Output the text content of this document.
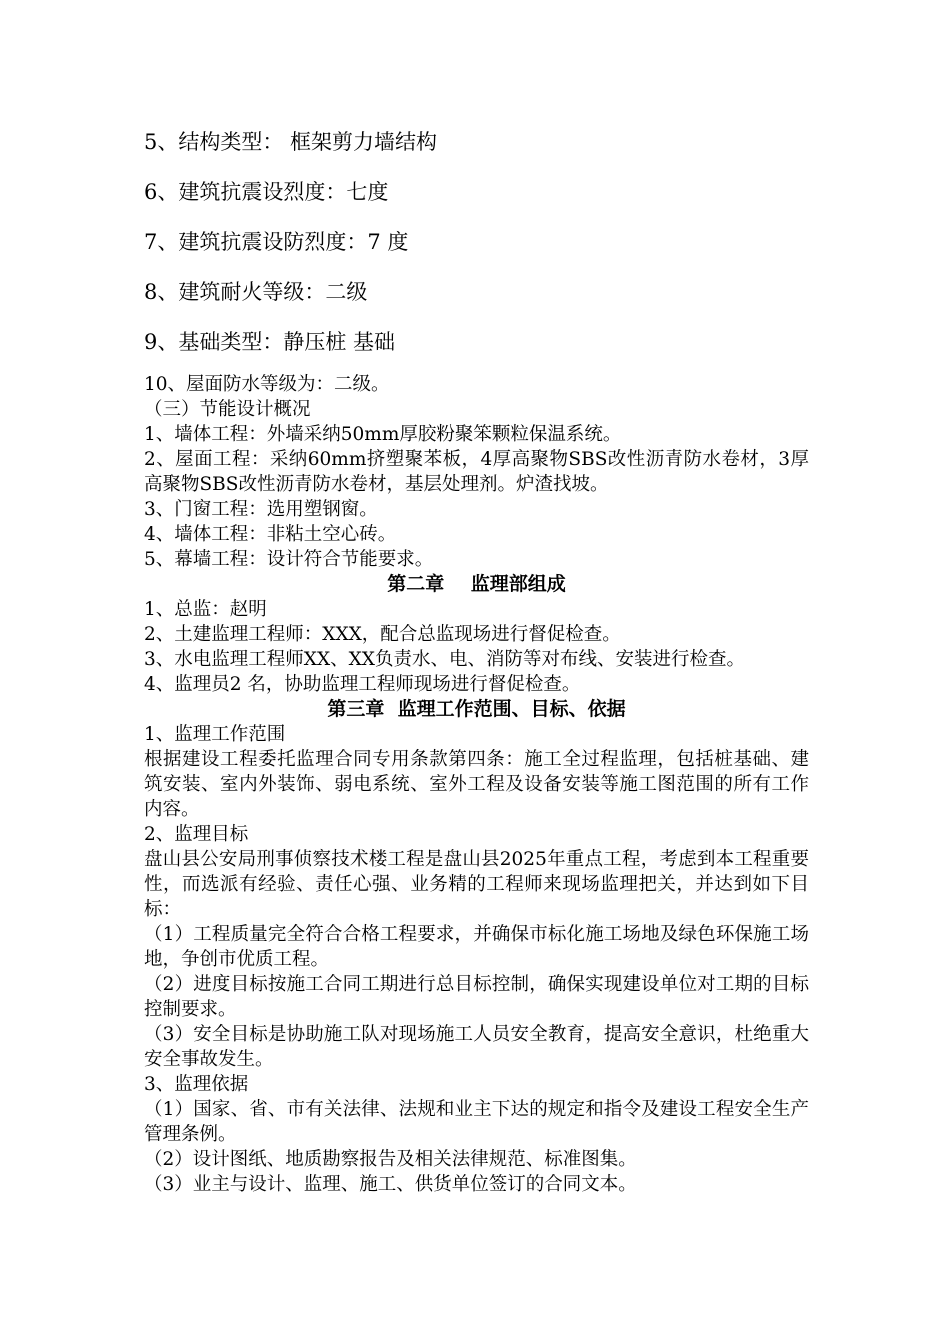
5、结构类型： 框架剪力墙结构
6、建筑抗震设烈度：七度
7、建筑抗震设防烈度：7 度
8、建筑耐火等级：二级
9、基础类型：静压桩 基础

10、屋面防水等级为：二级。

（三）节能设计概况

1、墙体工程：外墙采纳50mm厚胶粉聚笨颗粒保温系统。

2、屋面工程：采纳60mm挤塑聚苯板，4厚高聚物SBS改性沥青防水卷材，3厚高聚物SBS改性沥青防水卷材，基层处理剂。炉渣找坡。

3、门窗工程：选用塑钢窗。

4、墙体工程：非粘土空心砖。

5、幕墙工程：设计符合节能要求。

第二章    监理部组成

1、总监：赵明

2、土建监理工程师：XXX，配合总监现场进行督促检查。

3、水电监理工程师XX、XX负责水、电、消防等对布线、安装进行检查。

4、监理员2 名，协助监理工程师现场进行督促检查。

第三章  监理工作范围、目标、依据

1、监理工作范围

根据建设工程委托监理合同专用条款第四条：施工全过程监理，包括桩基础、建筑安装、室内外装饰、弱电系统、室外工程及设备安装等施工图范围的所有工作内容。

2、监理目标

盘山县公安局刑事侦察技术楼工程是盘山县2025年重点工程，考虑到本工程重要性，而选派有经验、责任心强、业务精的工程师来现场监理把关，并达到如下目标：

（1）工程质量完全符合合格工程要求，并确保市标化施工场地及绿色环保施工场地，争创市优质工程。

（2）进度目标按施工合同工期进行总目标控制，确保实现建设单位对工期的目标控制要求。

（3）安全目标是协助施工队对现场施工人员安全教育，提高安全意识，杜绝重大安全事故发生。

3、监理依据

（1）国家、省、市有关法律、法规和业主下达的规定和指令及建设工程安全生产管理条例。

（2）设计图纸、地质勘察报告及相关法律规范、标准图集。

（3）业主与设计、监理、施工、供货单位签订的合同文本。
